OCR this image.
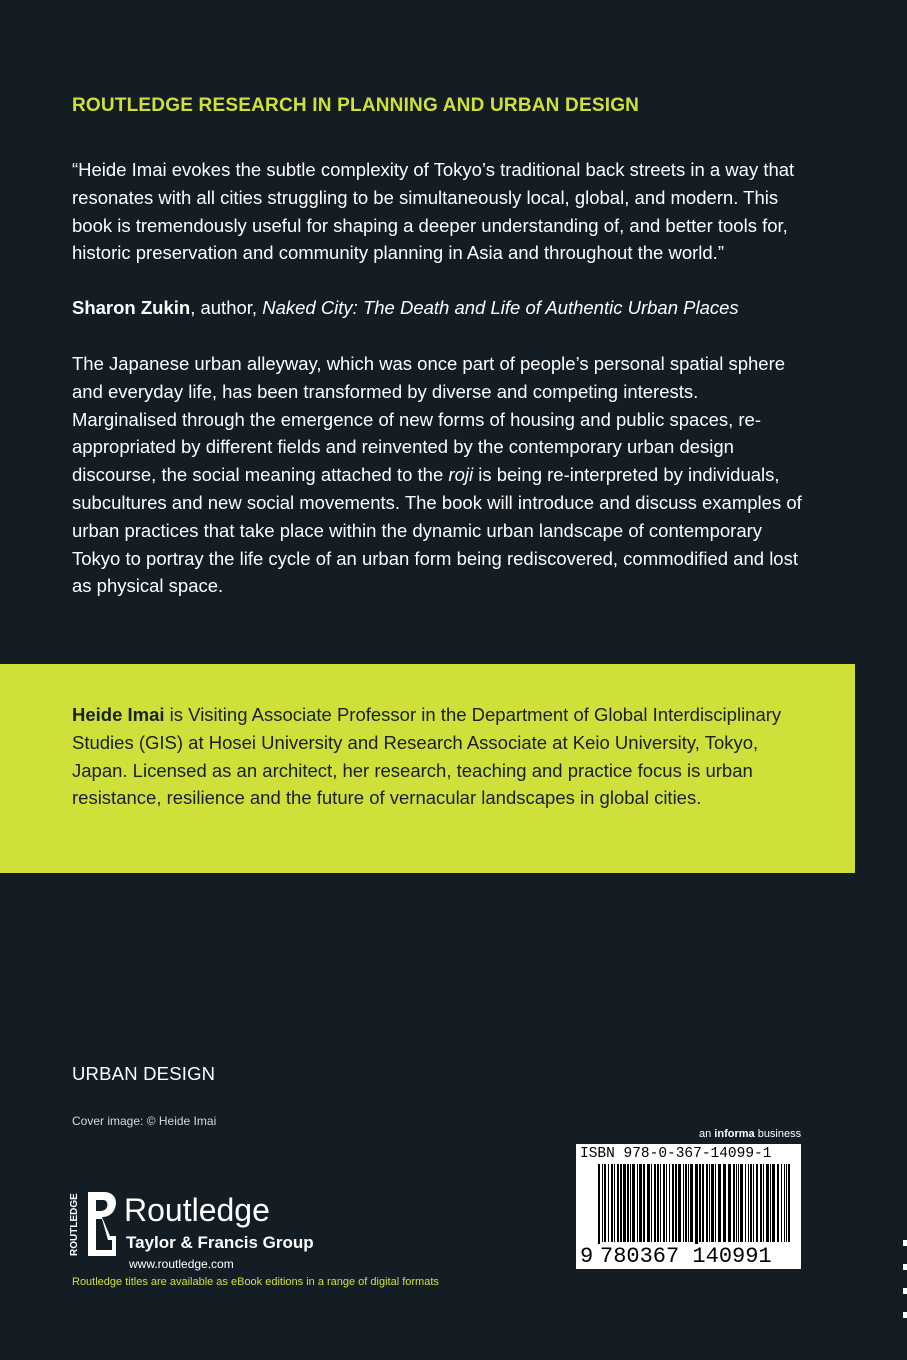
ROUTLEDGE RESEARCH IN PLANNING AND URBAN DESIGN

“Heide Imai evokes the subtle complexity of Tokyo’s traditional back streets in a way that resonates with all cities struggling to be simultaneously local, global, and modern. This book is tremendously useful for shaping a deeper understanding of, and better tools for, historic preservation and community planning in Asia and throughout the world.”

Sharon Zukin, author, Naked City: The Death and Life of Authentic Urban Places

The Japanese urban alleyway, which was once part of people’s personal spatial sphere and everyday life, has been transformed by diverse and competing interests. Marginalised through the emergence of new forms of housing and public spaces, re-appropriated by different fields and reinvented by the contemporary urban design discourse, the social meaning attached to the roji is being re-interpreted by individuals, subcultures and new social movements. The book will introduce and discuss examples of urban practices that take place within the dynamic urban landscape of contemporary Tokyo to portray the life cycle of an urban form being rediscovered, commodified and lost as physical space.

Heide Imai is Visiting Associate Professor in the Department of Global Interdisciplinary Studies (GIS) at Hosei University and Research Associate at Keio University, Tokyo, Japan. Licensed as an architect, her research, teaching and practice focus is urban resistance, resilience and the future of vernacular landscapes in global cities.

URBAN DESIGN
Cover image: © Heide Imai
ROUTLEDGE Routledge
Taylor & Francis Group
www.routledge.com
Routledge titles are available as eBook editions in a range of digital formats
an informa business
ISBN 978-0-367-14099-1
9 780367 140991
